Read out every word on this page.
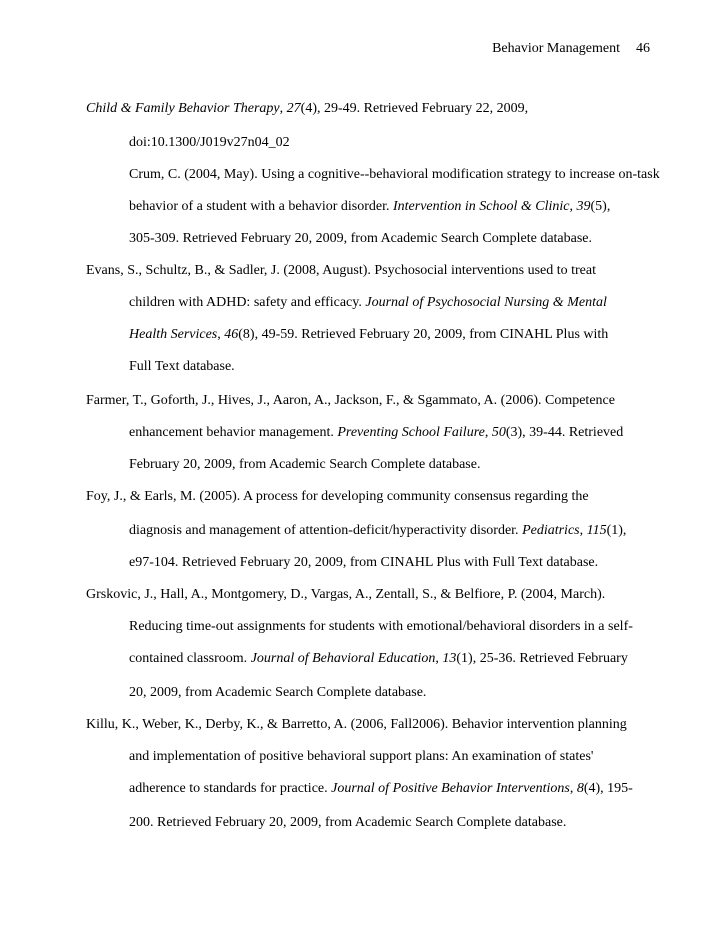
Behavior Management 46
Child & Family Behavior Therapy, 27(4), 29-49. Retrieved February 22, 2009,
doi:10.1300/J019v27n04_02
Crum, C. (2004, May). Using a cognitive--behavioral modification strategy to increase on-task
behavior of a student with a behavior disorder. Intervention in School & Clinic, 39(5),
305-309. Retrieved February 20, 2009, from Academic Search Complete database.
Evans, S., Schultz, B., & Sadler, J. (2008, August). Psychosocial interventions used to treat
children with ADHD: safety and efficacy. Journal of Psychosocial Nursing & Mental
Health Services, 46(8), 49-59. Retrieved February 20, 2009, from CINAHL Plus with
Full Text database.
Farmer, T., Goforth, J., Hives, J., Aaron, A., Jackson, F., & Sgammato, A. (2006). Competence
enhancement behavior management. Preventing School Failure, 50(3), 39-44. Retrieved
February 20, 2009, from Academic Search Complete database.
Foy, J., & Earls, M. (2005). A process for developing community consensus regarding the
diagnosis and management of attention-deficit/hyperactivity disorder. Pediatrics, 115(1),
e97-104. Retrieved February 20, 2009, from CINAHL Plus with Full Text database.
Grskovic, J., Hall, A., Montgomery, D., Vargas, A., Zentall, S., & Belfiore, P. (2004, March).
Reducing time-out assignments for students with emotional/behavioral disorders in a self-
contained classroom. Journal of Behavioral Education, 13(1), 25-36. Retrieved February
20, 2009, from Academic Search Complete database.
Killu, K., Weber, K., Derby, K., & Barretto, A. (2006, Fall2006). Behavior intervention planning
and implementation of positive behavioral support plans: An examination of states'
adherence to standards for practice. Journal of Positive Behavior Interventions, 8(4), 195-
200. Retrieved February 20, 2009, from Academic Search Complete database.
